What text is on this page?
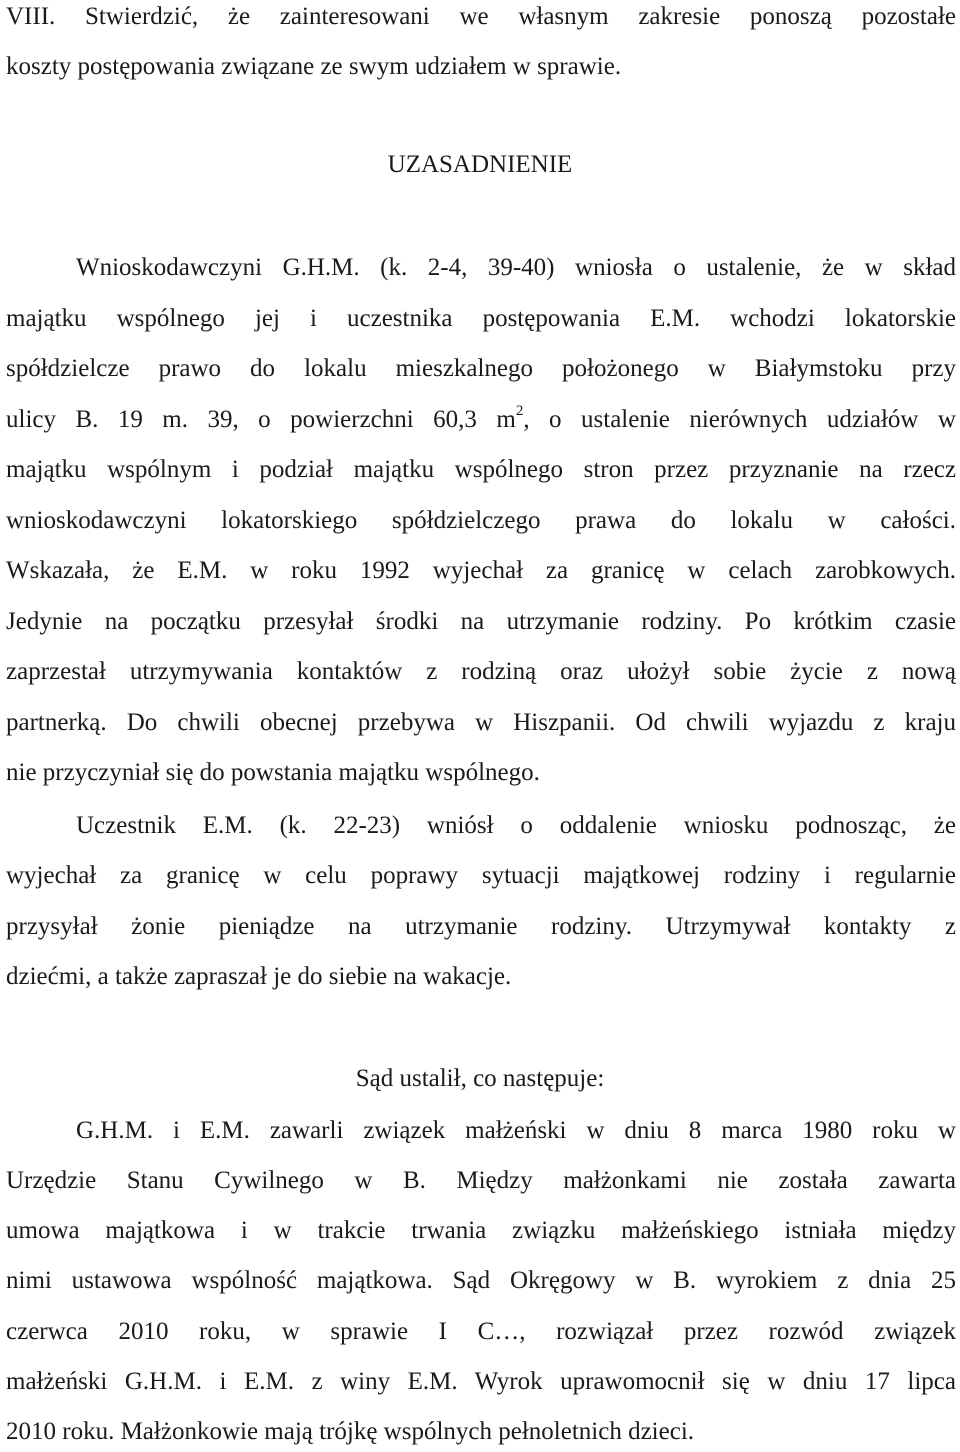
VIII. Stwierdzić, że zainteresowani we własnym zakresie ponoszą pozostałe
koszty postępowania związane ze swym udziałem w sprawie.
UZASADNIENIE
Wnioskodawczyni G.H.M. (k. 2-4, 39-40) wniosła o ustalenie, że w skład
majątku wspólnego jej i uczestnika postępowania E.M. wchodzi lokatorskie
spółdzielcze prawo do lokalu mieszkalnego położonego w Białymstoku przy
ulicy B. 19 m. 39, o powierzchni 60,3 $m^2$, o ustalenie nierównych udziałów w
majątku wspólnym i podział majątku wspólnego stron przez przyznanie na rzecz
wnioskodawczyni lokatorskiego spółdzielczego prawa do lokalu w całości.
Wskazała, że E.M. w roku 1992 wyjechał za granicę w celach zarobkowych.
Jedynie na początku przesyłał środki na utrzymanie rodziny. Po krótkim czasie
zaprzestał utrzymywania kontaktów z rodziną oraz ułożył sobie życie z nową
partnerką. Do chwili obecnej przebywa w Hiszpanii. Od chwili wyjazdu z kraju
nie przyczyniał się do powstania majątku wspólnego.
Uczestnik E.M. (k. 22-23) wniósł o oddalenie wniosku podnosząc, że
wyjechał za granicę w celu poprawy sytuacji majątkowej rodziny i regularnie
przysyłał żonie pieniądze na utrzymanie rodziny. Utrzymywał kontakty z
dziećmi, a także zapraszał je do siebie na wakacje.
Sąd ustalił, co następuje:
G.H.M. i E.M. zawarli związek małżeński w dniu 8 marca 1980 roku w
Urzędzie Stanu Cywilnego w B. Między małżonkami nie została zawarta
umowa majątkowa i w trakcie trwania związku małżeńskiego istniała między
nimi ustawowa wspólność majątkowa. Sąd Okręgowy w B. wyrokiem z dnia 25
czerwca 2010 roku, w sprawie I C…, rozwiązał przez rozwód związek
małżeński G.H.M. i E.M. z winy E.M. Wyrok uprawomocnił się w dniu 17 lipca
2010 roku. Małżonkowie mają trójkę wspólnych pełnoletnich dzieci.
